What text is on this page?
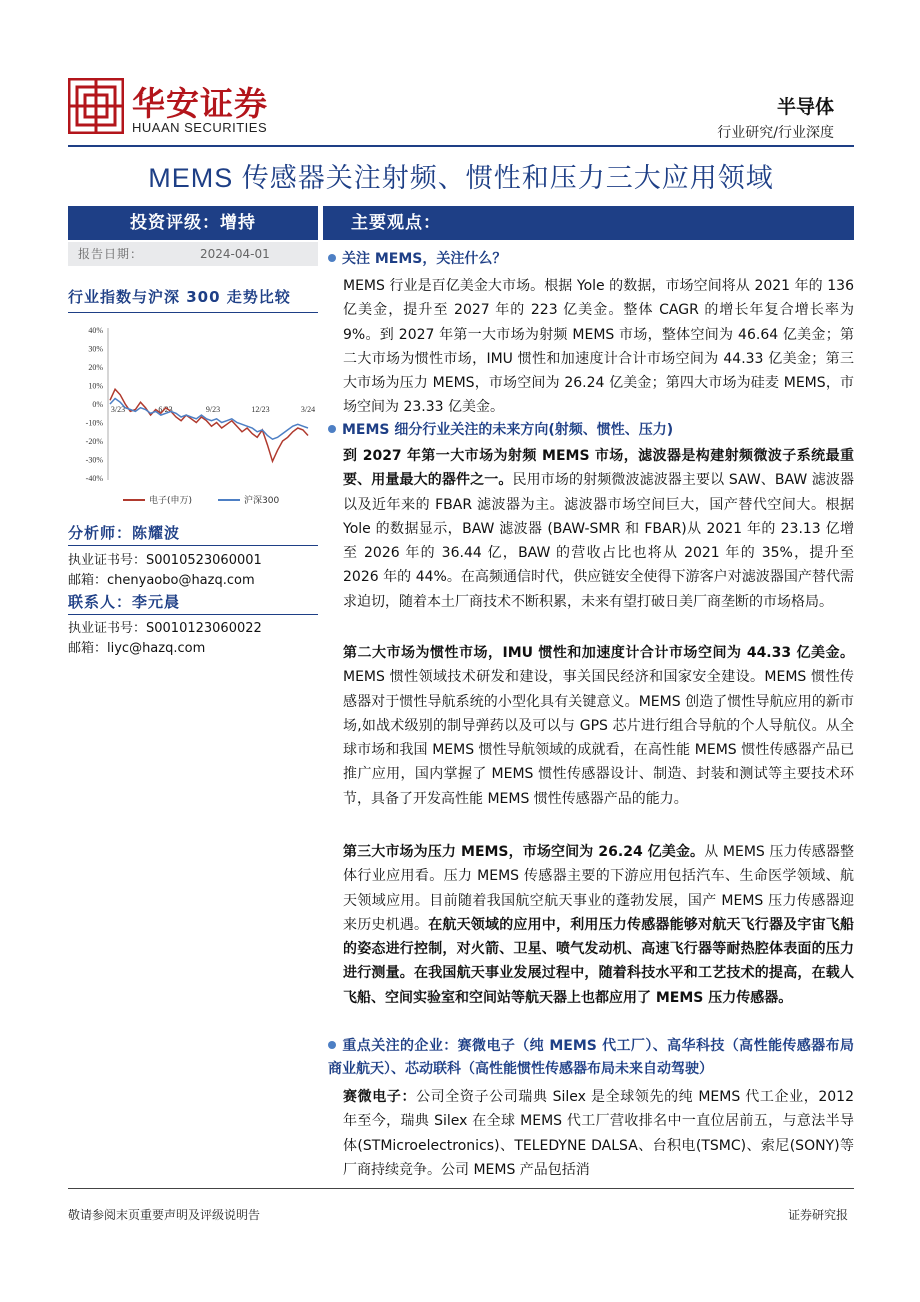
华安证券
HUAAN SECURITIES
半导体
行业研究/行业深度
MEMS 传感器关注射频、惯性和压力三大应用领域
投资评级：增持
报告日期：	2024-04-01
行业指数与沪深 300 走势比较
40%
30%
20%
10%
0%
-10%
-20%
-30%
-40%
3/23	6/23	9/23	12/23	3/24
电子(申万)	沪深300
分析师：陈耀波
执业证书号：S0010523060001
邮箱：chenyaobo@hazq.com
联系人：李元晨
执业证书号：S0010123060022
邮箱：liyc@hazq.com
主要观点：
关注 MEMS，关注什么？
MEMS 行业是百亿美金大市场。根据 Yole 的数据，市场空间将从 2021 年的 136 亿美金，提升至 2027 年的 223 亿美金。整体 CAGR 的增长年复合增长率为 9%。到 2027 年第一大市场为射频 MEMS 市场，整体空间为 46.64 亿美金；第二大市场为惯性市场，IMU 惯性和加速度计合计市场空间为 44.33 亿美金；第三大市场为压力 MEMS，市场空间为 26.24 亿美金；第四大市场为硅麦 MEMS，市场空间为 23.33 亿美金。
MEMS 细分行业关注的未来方向(射频、惯性、压力)
到 2027 年第一大市场为射频 MEMS 市场，滤波器是构建射频微波子系统最重要、用量最大的器件之一。民用市场的射频微波滤波器主要以 SAW、BAW 滤波器以及近年来的 FBAR 滤波器为主。滤波器市场空间巨大，国产替代空间大。根据 Yole 的数据显示，BAW 滤波器 (BAW-SMR 和 FBAR)从 2021 年的 23.13 亿增至 2026 年的 36.44 亿，BAW 的营收占比也将从 2021 年的 35%，提升至 2026 年的 44%。在高频通信时代，供应链安全使得下游客户对滤波器国产替代需求迫切，随着本土厂商技术不断积累，未来有望打破日美厂商垄断的市场格局。
第二大市场为惯性市场，IMU 惯性和加速度计合计市场空间为 44.33 亿美金。MEMS 惯性领域技术研发和建设，事关国民经济和国家安全建设。MEMS 惯性传感器对于惯性导航系统的小型化具有关键意义。MEMS 创造了惯性导航应用的新市场,如战术级别的制导弹药以及可以与 GPS 芯片进行组合导航的个人导航仪。从全球市场和我国 MEMS 惯性导航领域的成就看，在高性能 MEMS 惯性传感器产品已推广应用，国内掌握了 MEMS 惯性传感器设计、制造、封装和测试等主要技术环节，具备了开发高性能 MEMS 惯性传感器产品的能力。
第三大市场为压力 MEMS，市场空间为 26.24 亿美金。从 MEMS 压力传感器整体行业应用看。压力 MEMS 传感器主要的下游应用包括汽车、生命医学领域、航天领域应用。目前随着我国航空航天事业的蓬勃发展，国产 MEMS 压力传感器迎来历史机遇。在航天领域的应用中，利用压力传感器能够对航天飞行器及宇宙飞船的姿态进行控制，对火箭、卫星、喷气发动机、高速飞行器等耐热腔体表面的压力进行测量。在我国航天事业发展过程中，随着科技水平和工艺技术的提高，在载人飞船、空间实验室和空间站等航天器上也都应用了 MEMS 压力传感器。
重点关注的企业：赛微电子（纯 MEMS 代工厂）、高华科技（高性能传感器布局商业航天）、芯动联科（高性能惯性传感器布局未来自动驾驶）
赛微电子：公司全资子公司瑞典 Silex 是全球领先的纯 MEMS 代工企业，2012 年至今，瑞典 Silex 在全球 MEMS 代工厂营收排名中一直位居前五，与意法半导体(STMicroelectronics)、TELEDYNE DALSA、台积电(TSMC)、索尼(SONY)等厂商持续竞争。公司 MEMS 产品包括消
敬请参阅末页重要声明及评级说明告	证券研究报
